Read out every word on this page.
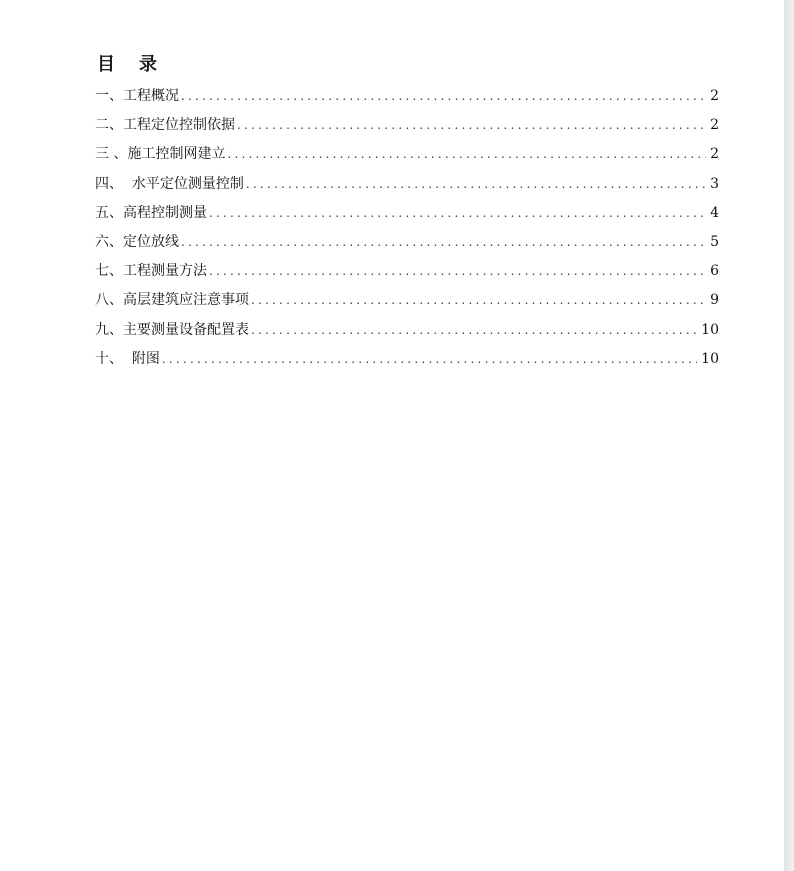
目 录
一、工程概况 .....	2
二、工程定位控制依据 .....	2
三 、施工控制网建立 .....	2
四、  水平定位测量控制 .....	3
五、高程控制测量 .....	4
六、定位放线 .....	5
七、工程测量方法 .....	6
八、高层建筑应注意事项 .....	9
九、主要测量设备配置表 .....	10
十、  附图 .....	10
